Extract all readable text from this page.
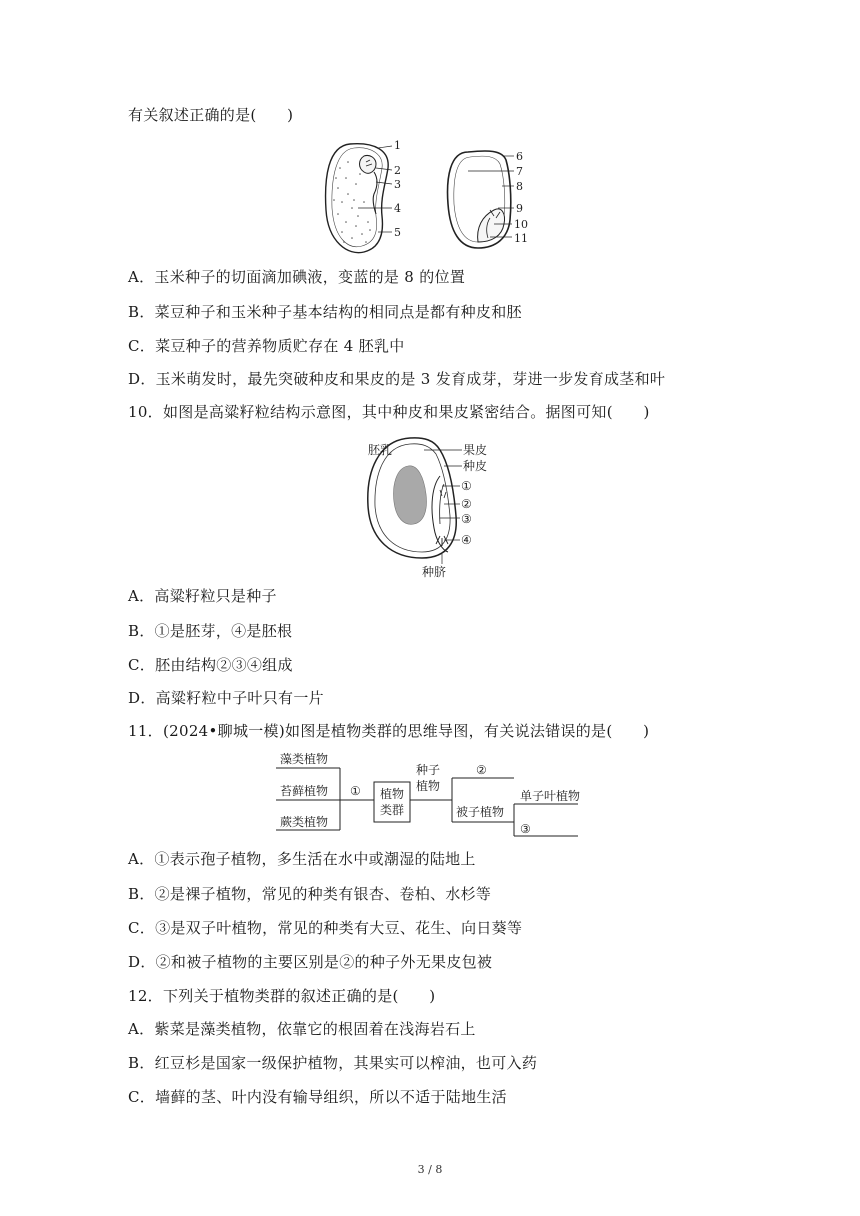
有关叙述正确的是(　　)
1
2
3
4
5
6
7
8
9
10
11
A．玉米种子的切面滴加碘液，变蓝的是 8 的位置
B．菜豆种子和玉米种子基本结构的相同点是都有种皮和胚
C．菜豆种子的营养物质贮存在 4 胚乳中
D．玉米萌发时，最先突破种皮和果皮的是 3 发育成芽，芽进一步发育成茎和叶
10．如图是高粱籽粒结构示意图，其中种皮和果皮紧密结合。据图可知(　　)
胚乳	果皮
种皮
①
②
③
④
种脐
A．高粱籽粒只是种子
B．①是胚芽，④是胚根
C．胚由结构②③④组成
D．高粱籽粒中子叶只有一片
11．(2024•聊城一模)如图是植物类群的思维导图，有关说法错误的是(　　)
藻类植物
苔藓植物
蕨类植物
① 植物
类群
种子
植物
②
被子植物
单子叶植物
③
A．①表示孢子植物，多生活在水中或潮湿的陆地上
B．②是裸子植物，常见的种类有银杏、卷柏、水杉等
C．③是双子叶植物，常见的种类有大豆、花生、向日葵等
D．②和被子植物的主要区别是②的种子外无果皮包被
12．下列关于植物类群的叙述正确的是(　　)
A．紫菜是藻类植物，依靠它的根固着在浅海岩石上
B．红豆杉是国家一级保护植物，其果实可以榨油，也可入药
C．墙藓的茎、叶内没有输导组织，所以不适于陆地生活
3 / 8
